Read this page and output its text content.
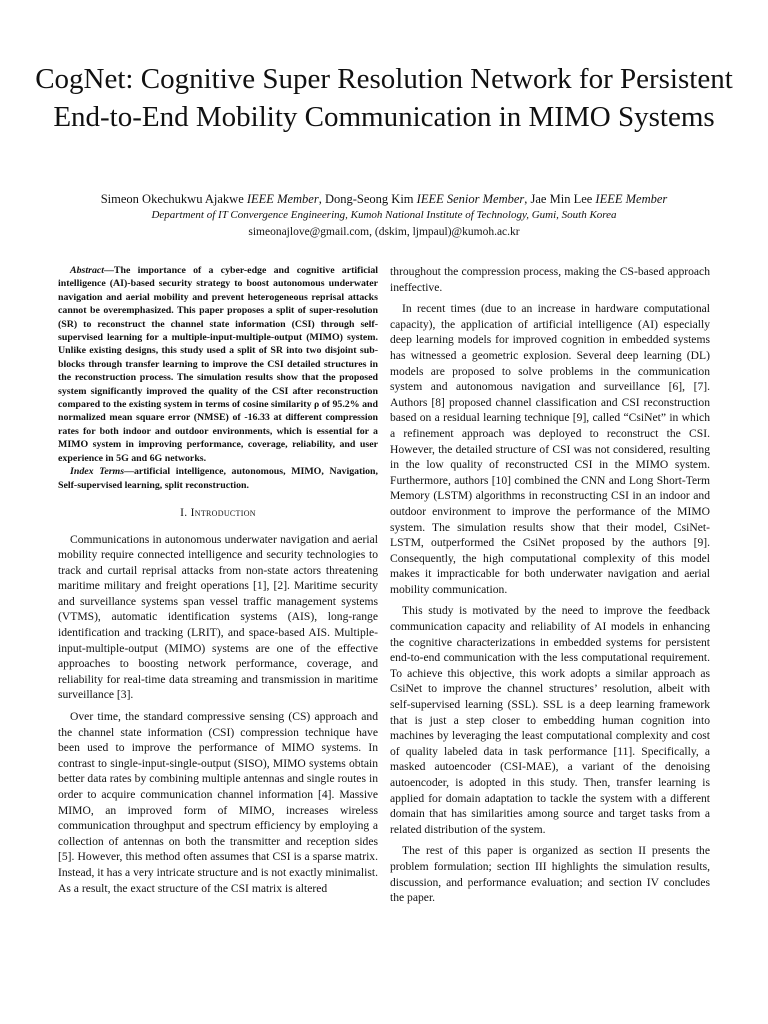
CogNet: Cognitive Super Resolution Network for Persistent End-to-End Mobility Communication in MIMO Systems
Simeon Okechukwu Ajakwe IEEE Member, Dong-Seong Kim IEEE Senior Member, Jae Min Lee IEEE Member
Department of IT Convergence Engineering, Kumoh National Institute of Technology, Gumi, South Korea
simeonajlove@gmail.com, (dskim, ljmpaul)@kumoh.ac.kr

Abstract—The importance of a cyber-edge and cognitive artificial intelligence (AI)-based security strategy to boost autonomous underwater navigation and aerial mobility and prevent heterogeneous reprisal attacks cannot be overemphasized. This paper proposes a split of super-resolution (SR) to reconstruct the channel state information (CSI) through self-supervised learning for a multiple-input-multiple-output (MIMO) system. Unlike existing designs, this study used a split of SR into two disjoint sub-blocks through transfer learning to improve the CSI detailed structures in the reconstruction process. The simulation results show that the proposed system significantly improved the quality of the CSI after reconstruction compared to the existing system in terms of cosine similarity ρ of 95.2% and normalized mean square error (NMSE) of -16.33 at different compression rates for both indoor and outdoor environments, which is essential for a MIMO system in improving performance, coverage, reliability, and user experience in 5G and 6G networks.

Index Terms—artificial intelligence, autonomous, MIMO, Navigation, Self-supervised learning, split reconstruction.

I. Introduction

Communications in autonomous underwater navigation and aerial mobility require connected intelligence and security technologies to track and curtail reprisal attacks from non-state actors threatening maritime military and freight operations [1], [2]. Maritime security and surveillance systems span vessel traffic management systems (VTMS), automatic identification systems (AIS), long-range identification and tracking (LRIT), and space-based AIS. Multiple-input-multiple-output (MIMO) systems are one of the effective approaches to boosting network performance, coverage, and reliability for real-time data streaming and transmission in maritime surveillance [3].

Over time, the standard compressive sensing (CS) approach and the channel state information (CSI) compression technique have been used to improve the performance of MIMO systems. In contrast to single-input-single-output (SISO), MIMO systems obtain better data rates by combining multiple antennas and single routes in order to acquire communication channel information [4]. Massive MIMO, an improved form of MIMO, increases wireless communication throughput and spectrum efficiency by employing a collection of antennas on both the transmitter and reception sides [5]. However, this method often assumes that CSI is a sparse matrix. Instead, it has a very intricate structure and is not exactly minimalist. As a result, the exact structure of the CSI matrix is altered

throughout the compression process, making the CS-based approach ineffective.

In recent times (due to an increase in hardware computational capacity), the application of artificial intelligence (AI) especially deep learning models for improved cognition in embedded systems has witnessed a geometric explosion. Several deep learning (DL) models are proposed to solve problems in the communication system and autonomous navigation and surveillance [6], [7]. Authors [8] proposed channel classification and CSI reconstruction based on a residual learning technique [9], called “CsiNet” in which a refinement approach was deployed to reconstruct the CSI. However, the detailed structure of CSI was not considered, resulting in the low quality of reconstructed CSI in the MIMO system. Furthermore, authors [10] combined the CNN and Long Short-Term Memory (LSTM) algorithms in reconstructing CSI in an indoor and outdoor environment to improve the performance of the MIMO system. The simulation results show that their model, CsiNet-LSTM, outperformed the CsiNet proposed by the authors [9]. Consequently, the high computational complexity of this model makes it impracticable for both underwater navigation and aerial mobility communication.

This study is motivated by the need to improve the feedback communication capacity and reliability of AI models in enhancing the cognitive characterizations in embedded systems for persistent end-to-end communication with the less computational requirement. To achieve this objective, this work adopts a similar approach as CsiNet to improve the channel structures’ resolution, albeit with self-supervised learning (SSL). SSL is a deep learning framework that is just a step closer to embedding human cognition into machines by leveraging the least computational complexity and cost of quality labeled data in task performance [11]. Specifically, a masked autoencoder (CSI-MAE), a variant of the denoising autoencoder, is adopted in this study. Then, transfer learning is applied for domain adaptation to tackle the system with a different domain that has similarities among source and target tasks from a related distribution of the system.

The rest of this paper is organized as section II presents the problem formulation; section III highlights the simulation results, discussion, and performance evaluation; and section IV concludes the paper.
